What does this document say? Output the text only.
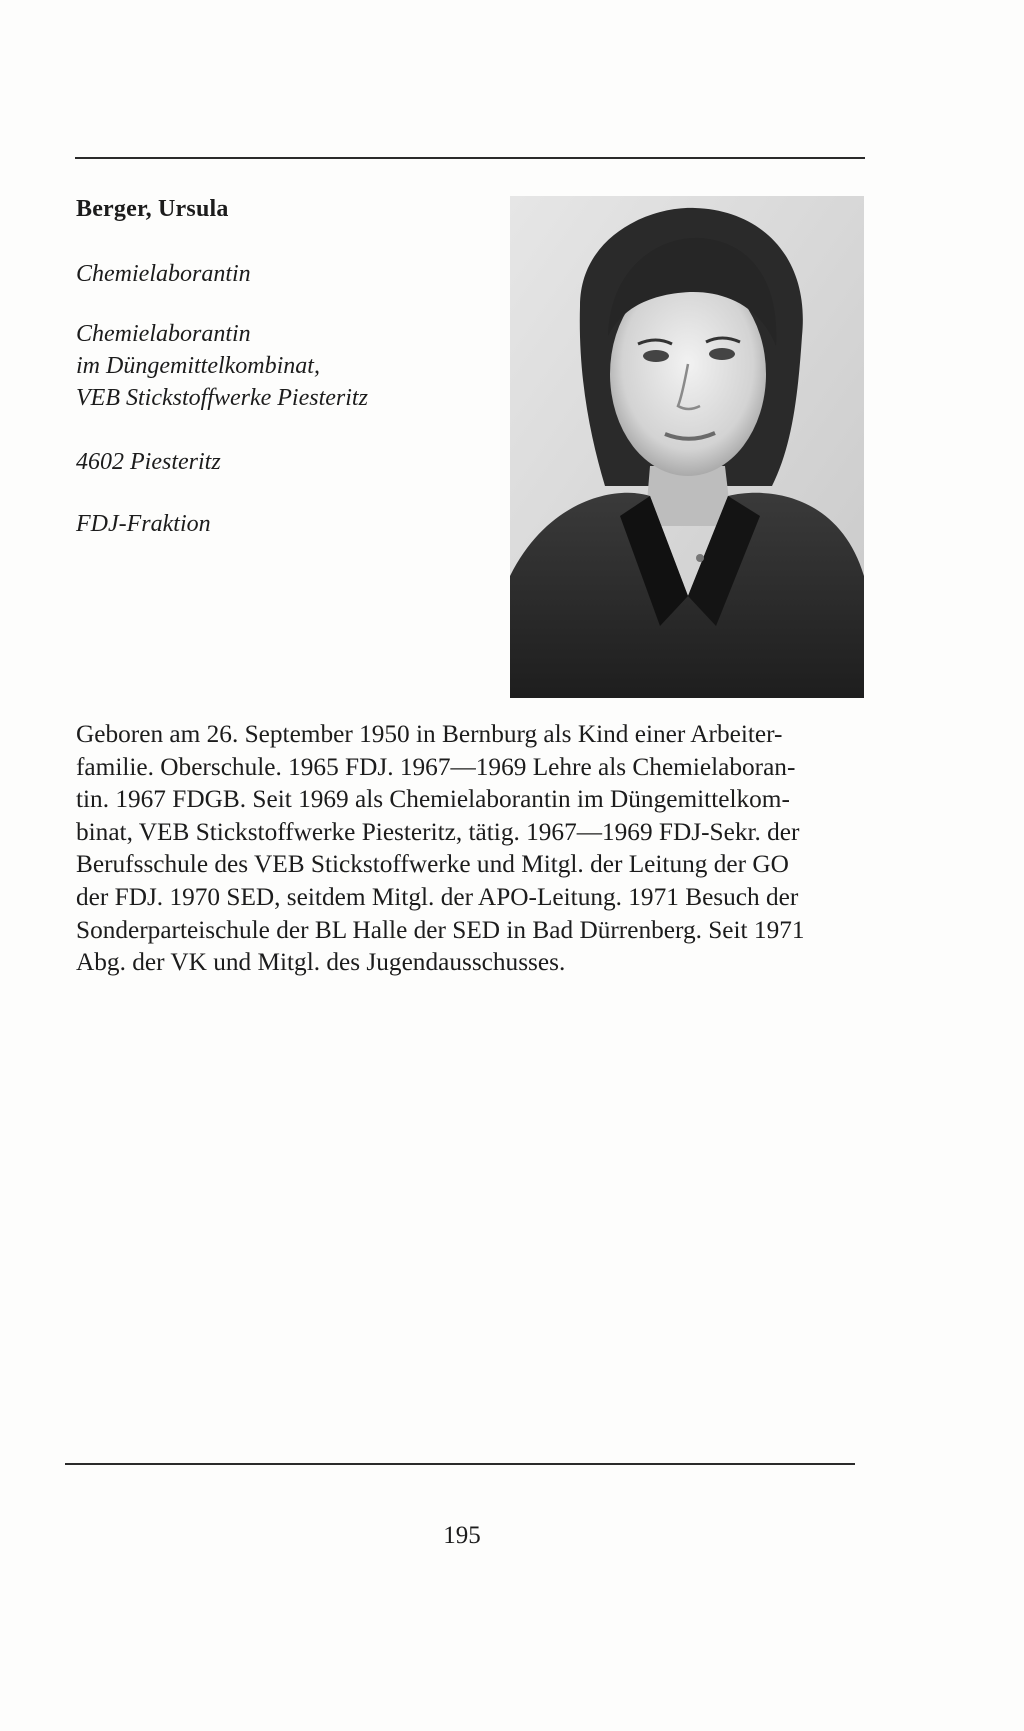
Berger, Ursula
Chemielaborantin
Chemielaborantin
im Düngemittelkombinat,
VEB Stickstoffwerke Piesteritz
4602 Piesteritz
FDJ-Fraktion
Geboren am 26. September 1950 in Bernburg als Kind einer Arbeiter-
familie. Oberschule. 1965 FDJ. 1967—1969 Lehre als Chemielaboran-
tin. 1967 FDGB. Seit 1969 als Chemielaborantin im Düngemittelkom-
binat, VEB Stickstoffwerke Piesteritz, tätig. 1967—1969 FDJ-Sekr. der
Berufsschule des VEB Stickstoffwerke und Mitgl. der Leitung der GO
der FDJ. 1970 SED, seitdem Mitgl. der APO-Leitung. 1971 Besuch der
Sonderparteischule der BL Halle der SED in Bad Dürrenberg. Seit 1971
Abg. der VK und Mitgl. des Jugendausschusses.
195
